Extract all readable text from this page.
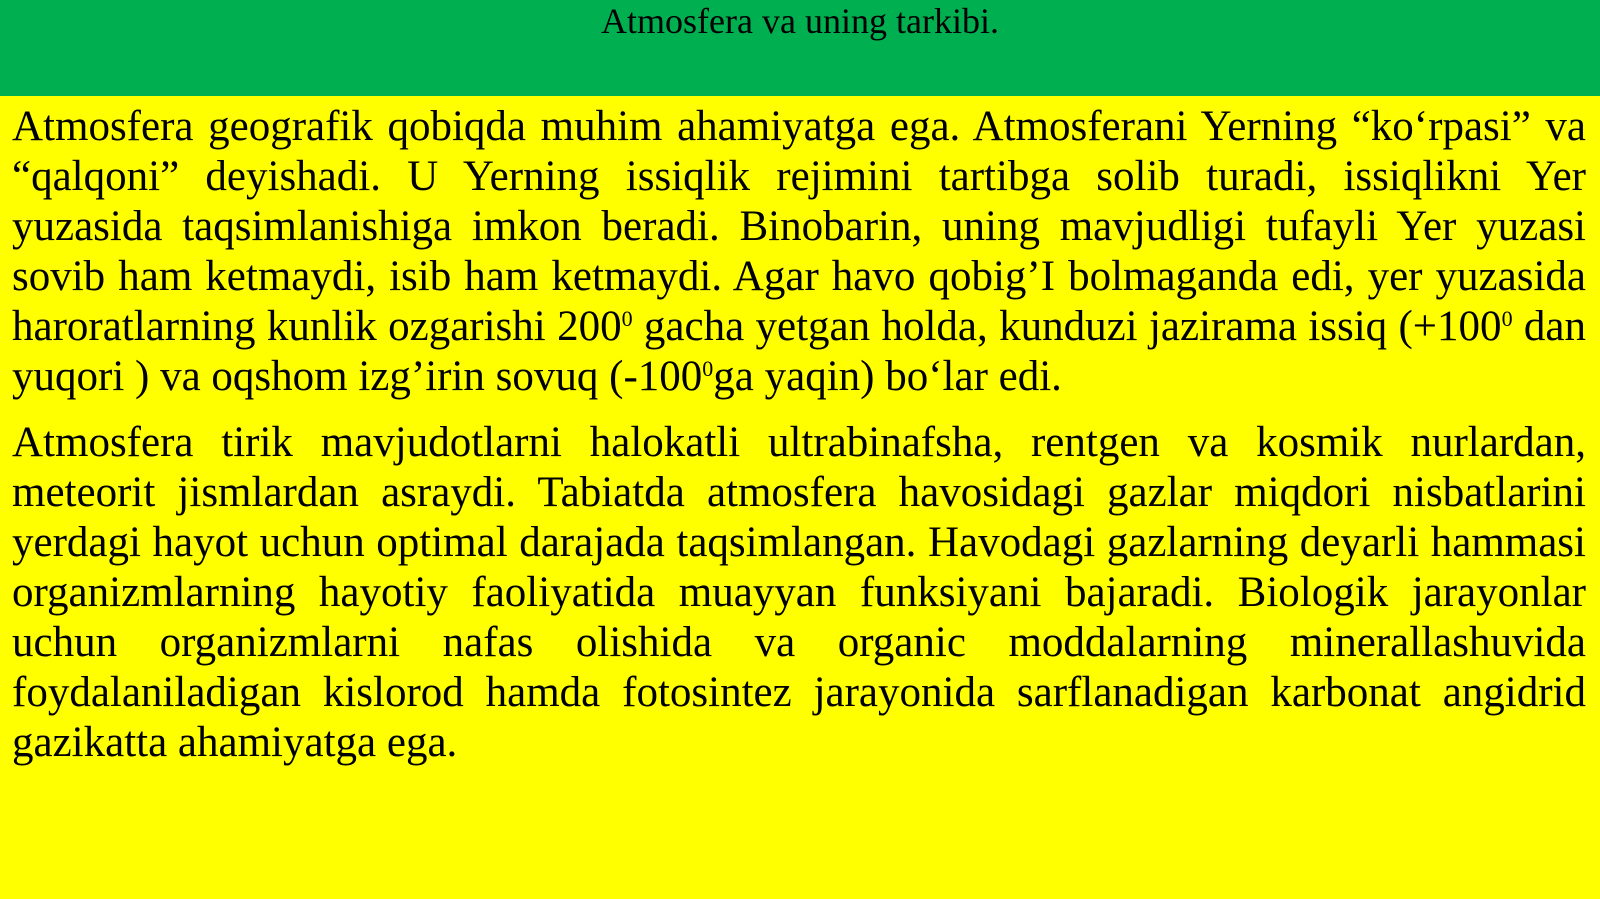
Atmosfera va uning tarkibi.

Atmosfera geografik qobiqda muhim ahamiyatga ega. Atmosferani Yerning “ko‘rpasi” va “qalqoni” deyishadi. U Yerning issiqlik rejimini tartibga solib turadi, issiqlikni Yer yuzasida taqsimlanishiga imkon beradi. Binobarin, uning mavjudligi tufayli Yer yuzasi sovib ham ketmaydi, isib ham ketmaydi. Agar havo qobig’I bolmaganda edi, yer yuzasida haroratlarning kunlik ozgarishi $200^0$ gacha yetgan holda, kunduzi jazirama issiq ($+100^0$ dan yuqori ) va oqshom izg’irin sovuq ($-100^0ga$ yaqin) bo‘lar edi.

Atmosfera tirik mavjudotlarni halokatli ultrabinafsha, rentgen va kosmik nurlardan, meteorit jismlardan asraydi. Tabiatda atmosfera havosidagi gazlar miqdori nisbatlarini yerdagi hayot uchun optimal darajada taqsimlangan. Havodagi gazlarning deyarli hammasi organizmlarning hayotiy faoliyatida muayyan funksiyani bajaradi. Biologik jarayonlar uchun organizmlarni nafas olishida va organic moddalarning minerallashuvida foydalaniladigan kislorod hamda fotosintez jarayonida sarflanadigan karbonat angidrid gazikatta ahamiyatga ega.
